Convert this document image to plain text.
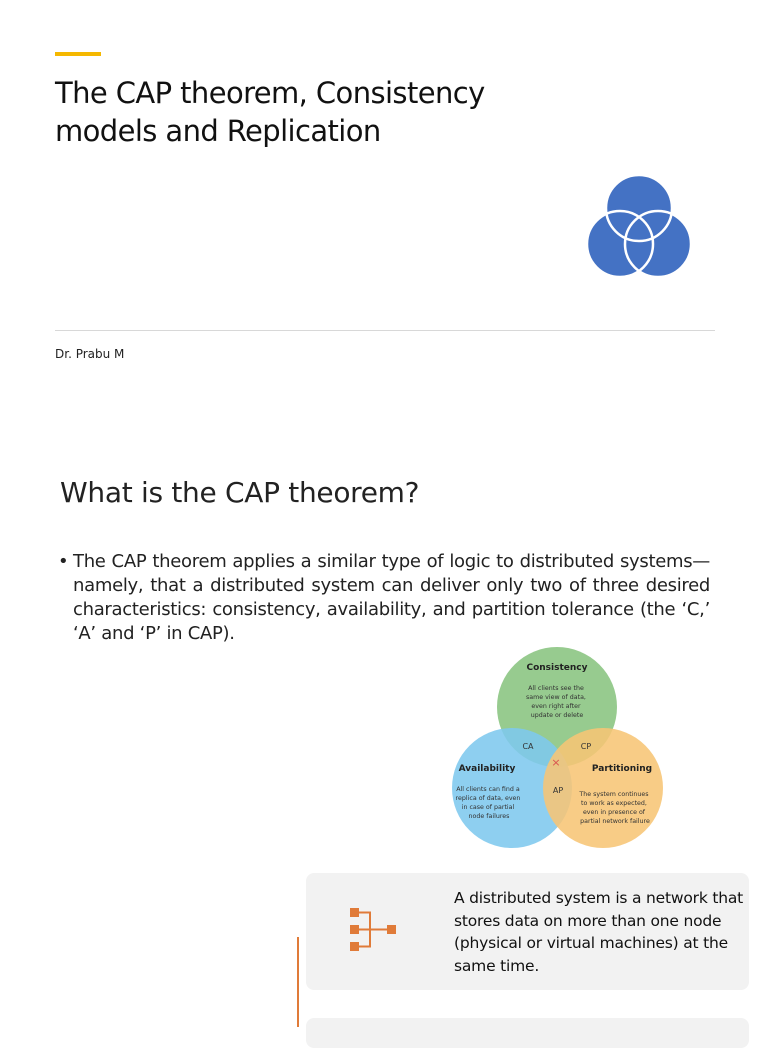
The CAP theorem, Consistency
models and Replication
Dr. Prabu M
What is the CAP theorem?
• The CAP theorem applies a similar type of logic to distributed systems—namely, that a distributed system can deliver only two of three desired characteristics: consistency, availability, and partition tolerance (the ‘C,’ ‘A’ and ‘P’ in CAP).
Consistency
All clients see the same view of data, even right after update or delete
Availability
All clients can find a replica of data, even in case of partial node failures
Partitioning
The system continues to work as expected, even in presence of partial network failure
CA	CP
AP
×
A distributed system is a network that stores data on more than one node (physical or virtual machines) at the same time.
